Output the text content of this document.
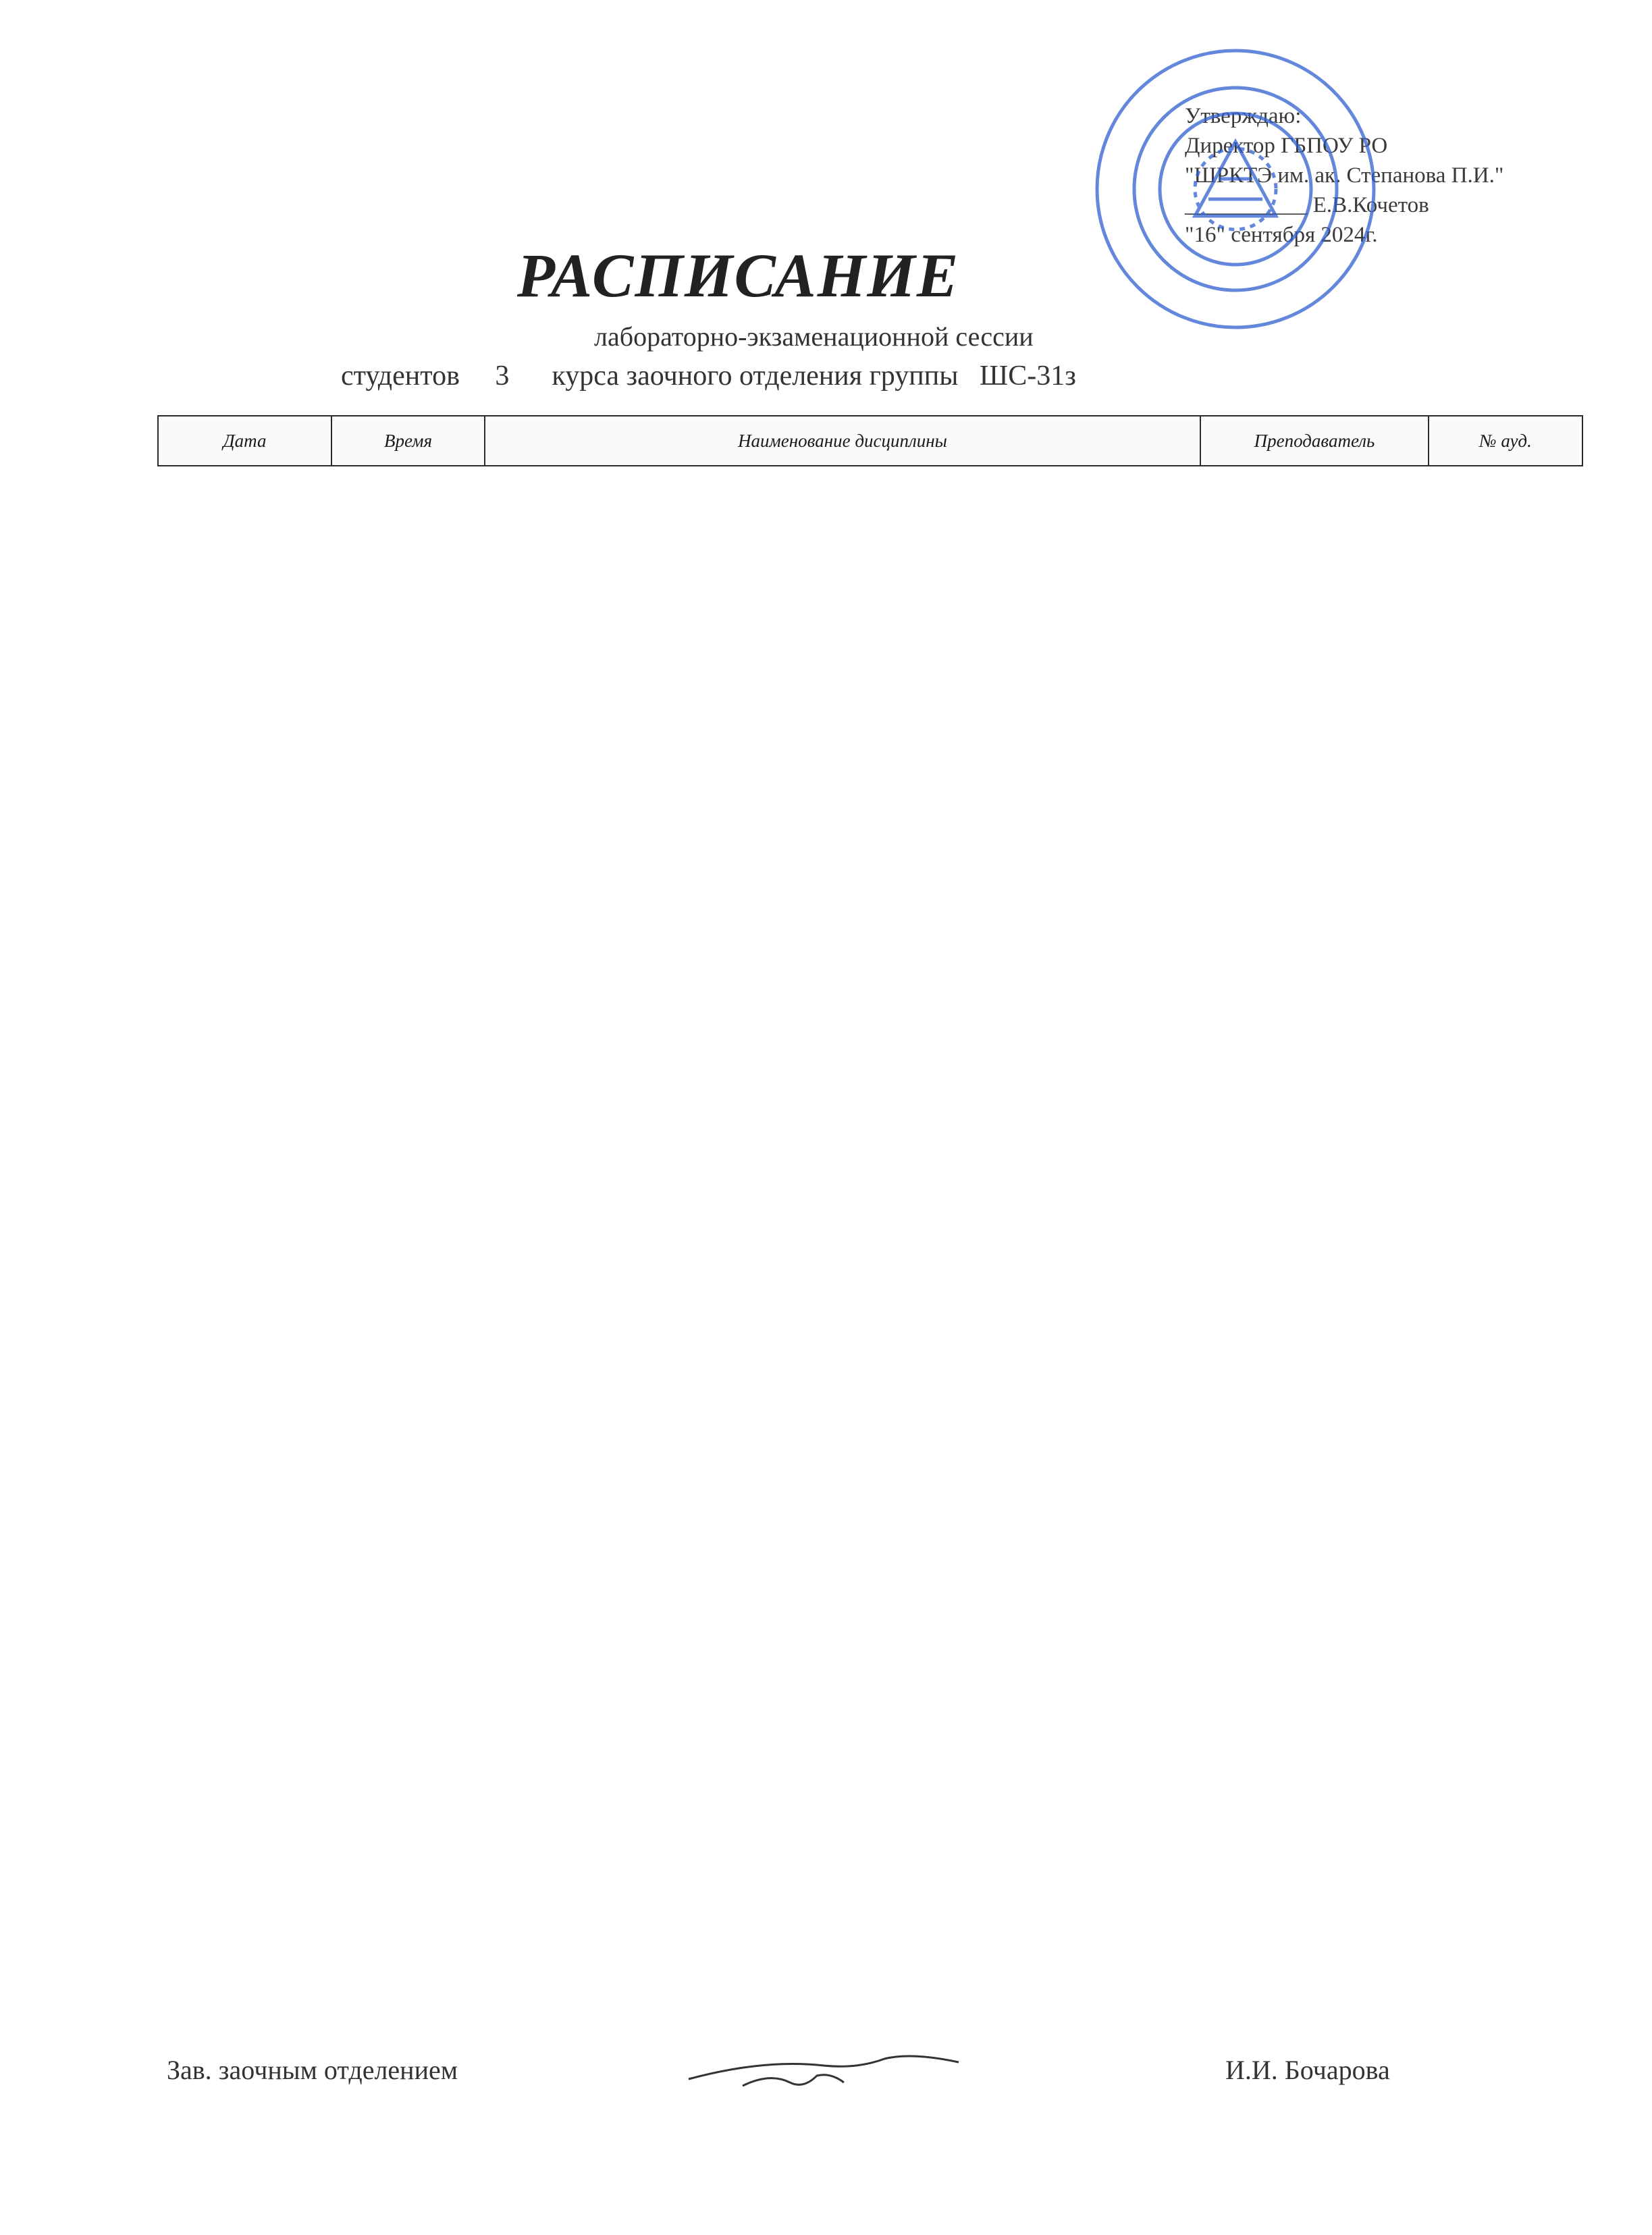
Утверждаю:
Директор ГБПОУ РО
"ШРКТЭ им. ак. Степанова П.И."
___________ Е.В.Кочетов
"16" сентября 2024г.
РАСПИСАНИЕ
лабораторно-экзаменационной сессии
студентов     3      курса заочного отделения группы   ШС-31з
Дата	Время	Наименование дисциплины	Преподаватель	№ ауд.
Зав. заочным отделением	И.И. Бочарова
